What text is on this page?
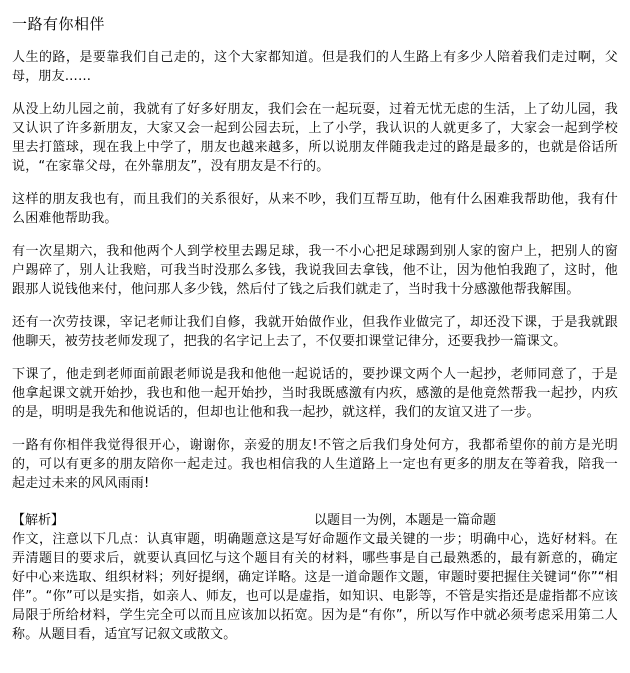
一路有你相伴

人生的路，是要靠我们自己走的，这个大家都知道。但是我们的人生路上有多少人陪着我们走过啊，父母，朋友……

从没上幼儿园之前，我就有了好多好朋友，我们会在一起玩耍，过着无忧无虑的生活，上了幼儿园，我又认识了许多新朋友，大家又会一起到公园去玩，上了小学，我认识的人就更多了，大家会一起到学校里去打篮球，现在我上中学了，朋友也越来越多，所以说朋友伴随我走过的路是最多的，也就是俗话所说，“在家靠父母，在外靠朋友”，没有朋友是不行的。

这样的朋友我也有，而且我们的关系很好，从来不吵，我们互帮互助，他有什么困难我帮助他，我有什么困难他帮助我。

有一次星期六，我和他两个人到学校里去踢足球，我一不小心把足球踢到别人家的窗户上，把别人的窗户踢碎了，别人让我赔，可我当时没那么多钱，我说我回去拿钱，他不让，因为他怕我跑了，这时，他跟那人说钱他来付，他问那人多少钱，然后付了钱之后我们就走了，当时我十分感激他帮我解围。

还有一次劳技课，宰记老师让我们自修，我就开始做作业，但我作业做完了，却还没下课，于是我就跟他聊天，被劳技老师发现了，把我的名字记上去了，不仅要扣课堂记律分，还要我抄一篇课文。

下课了，他走到老师面前跟老师说是我和他他一起说话的，要抄课文两个人一起抄，老师同意了，于是他拿起课文就开始抄，我也和他一起开始抄，当时我既感激有内疚，感激的是他竟然帮我一起抄，内疚的是，明明是我先和他说话的，但却也让他和我一起抄，就这样，我们的友谊又进了一步。

一路有你相伴我觉得很开心，谢谢你，亲爱的朋友!不管之后我们身处何方，我都希望你的前方是光明的，可以有更多的朋友陪你一起走过。我也相信我的人生道路上一定也有更多的朋友在等着我，陪我一起走过未来的风风雨雨!

【解析】	以题目一为例，本题是一篇命题

作文，注意以下几点：认真审题，明确题意这是写好命题作文最关键的一步；明确中心，选好材料。在弄清题目的要求后，就要认真回忆与这个题目有关的材料，哪些事是自己最熟悉的，最有新意的，确定好中心来选取、组织材料；列好提纲，确定详略。这是一道命题作文题，审题时要把握住关键词“你”“相伴”。“你”可以是实指，如亲人、师友，也可以是虚指，如知识、电影等，不管是实指还是虚指都不应该局限于所给材料，学生完全可以而且应该加以拓宽。因为是“有你”，所以写作中就必须考虑采用第二人称。从题目看，适宜写记叙文或散文。
